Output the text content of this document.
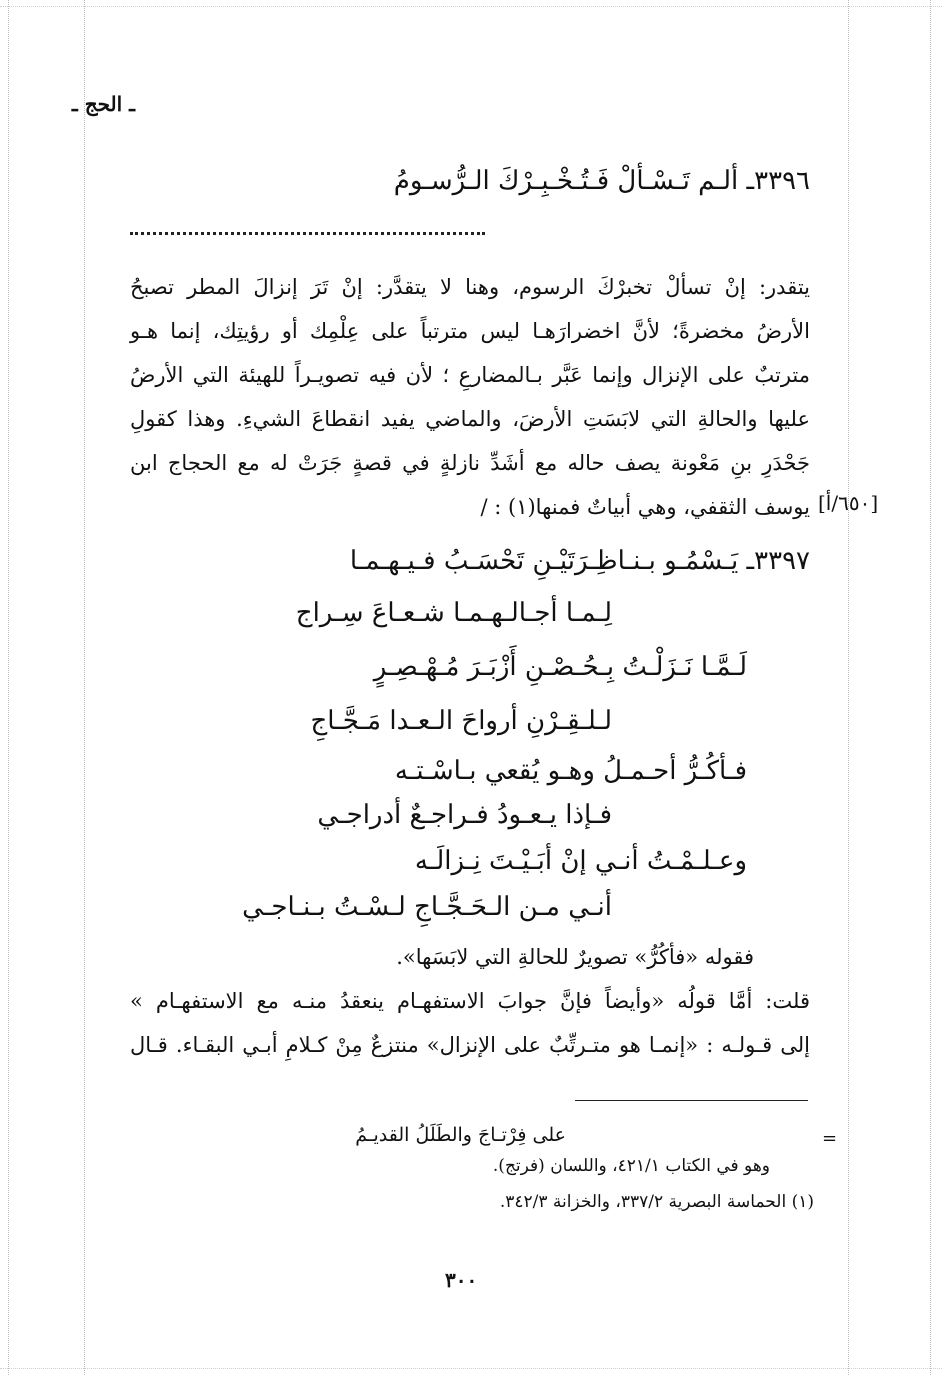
ـ الحج ـ
٣٣٩٦ـ ألـم تَـسْـألْ فَـتُـخْـبِـرْكَ الـرُّسـومُ
يتقدر: إنْ تسألْ تخبرْكَ الرسوم، وهنا لا يتقدَّر: إنْ تَرَ إنزالَ المطر تصبحُ
الأرضُ مخضرةً؛ لأنَّ اخضرارَهـا ليس مترتباً على عِلْمِك أو رؤيتِك، إنما هـو
مترتبٌ على الإنزال وإنما عَبَّر بـالمضارعِ ؛ لأن فيه تصويـراً للهيئة التي الأرضُ
عليها والحالةِ التي لابَسَتِ الأرضَ، والماضي يفيد انقطاعَ الشيءِ. وهذا كقولِ
جَحْدَرِ بنِ مَعْونة يصف حاله مع أشَدِّ نازلةٍ في قصةٍ جَرَتْ له مع الحجاج ابن
يوسف الثقفي، وهي أبياتٌ فمنها(١) : / [٦٥٠/أ]
٣٣٩٧ـ يَـسْمُـو بـنـاظِـرَتَيْـنِ تَحْسَـبُ فـيـهـمـا
لِـمـا أجـالـهـمـا شـعـاعَ سِـراج
لَـمَّـا نَـزَلْـتُ بِـحُـصْـنِ أَزْبَـرَ مُـهْـصِـرٍ
لـلـقِـرْنِ أرواحَ الـعـدا مَـجَّـاجِ
فـأكُـرُّ أحـمـلُ وهـو يُقعي بـاسْـتـه
فـإذا يـعـودُ فـراجـعٌ أدراجـي
وعـلـمْـتُ أنـي إنْ أبَـيْـتَ نِـزالَـه
أنـي مـن الـحَـجَّـاجِ لـسْـتُ بـنـاجـي
فقوله «فأكُرُّ» تصويرٌ للحالةِ التي لابَسَها».
قلت: أمَّا قولُه «وأيضاً فإنَّ جوابَ الاستفهـام ينعقدُ منـه مع الاستفهـام »
إلى قـولـه : «إنمـا هو متـرتِّبٌ على الإنزال» منتزعٌ مِنْ كـلامِ أبـي البقـاء. قـال
=
على فِرْتـاجَ والطَلَلُ القديـمُ
وهو في الكتاب ٤٢١/١، واللسان (فرتج).
(١) الحماسة البصرية ٣٣٧/٢، والخزانة ٣٤٢/٣.
٣٠٠
